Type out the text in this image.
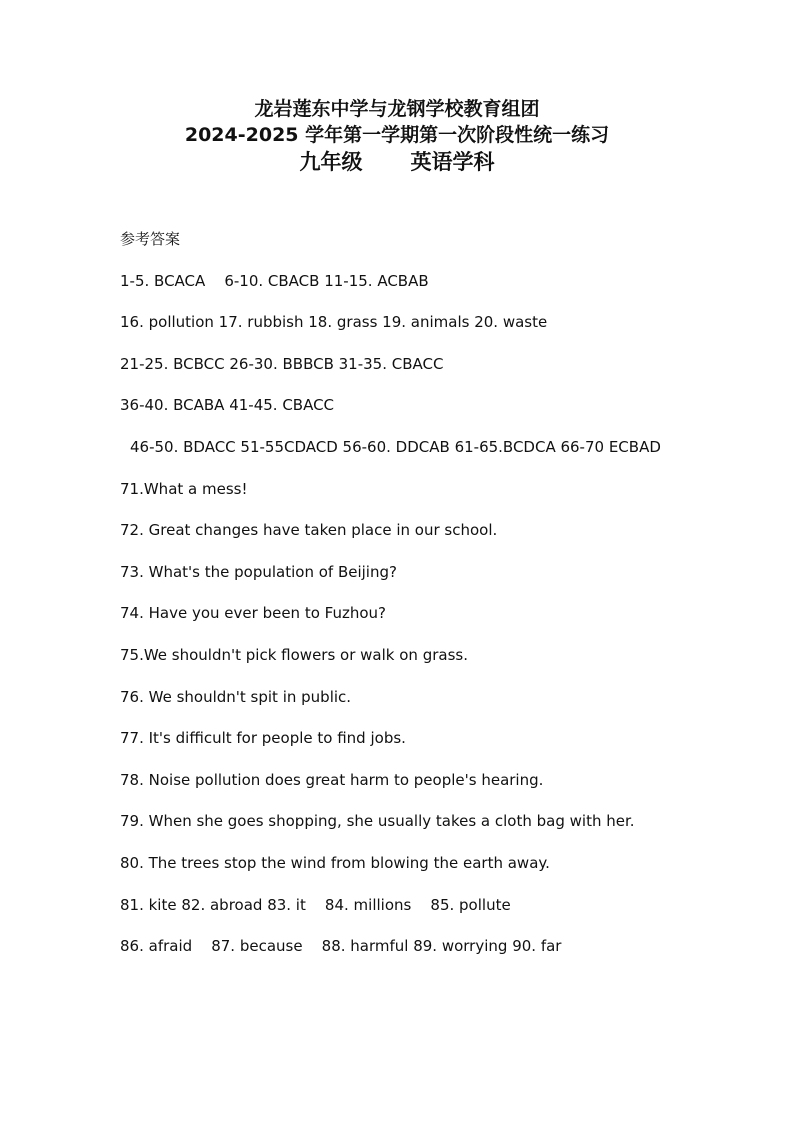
龙岩莲东中学与龙钢学校教育组团
2024-2025 学年第一学期第一次阶段性统一练习
九年级 英语学科
参考答案
1-5. BCACA    6-10. CBACB 11-15. ACBAB
16. pollution 17. rubbish 18. grass 19. animals 20. waste
21-25. BCBCC 26-30. BBBCB 31-35. CBACC
36-40. BCABA 41-45. CBACC
46-50. BDACC 51-55CDACD 56-60. DDCAB 61-65.BCDCA 66-70 ECBAD
71.What a mess!
72. Great changes have taken place in our school.
73. What's the population of Beijing?
74. Have you ever been to Fuzhou?
75.We shouldn't pick flowers or walk on grass.
76. We shouldn't spit in public.
77. It's difficult for people to find jobs.
78. Noise pollution does great harm to people's hearing.
79. When she goes shopping, she usually takes a cloth bag with her.
80. The trees stop the wind from blowing the earth away.
81. kite 82. abroad 83. it    84. millions    85. pollute
86. afraid    87. because    88. harmful 89. worrying 90. far
